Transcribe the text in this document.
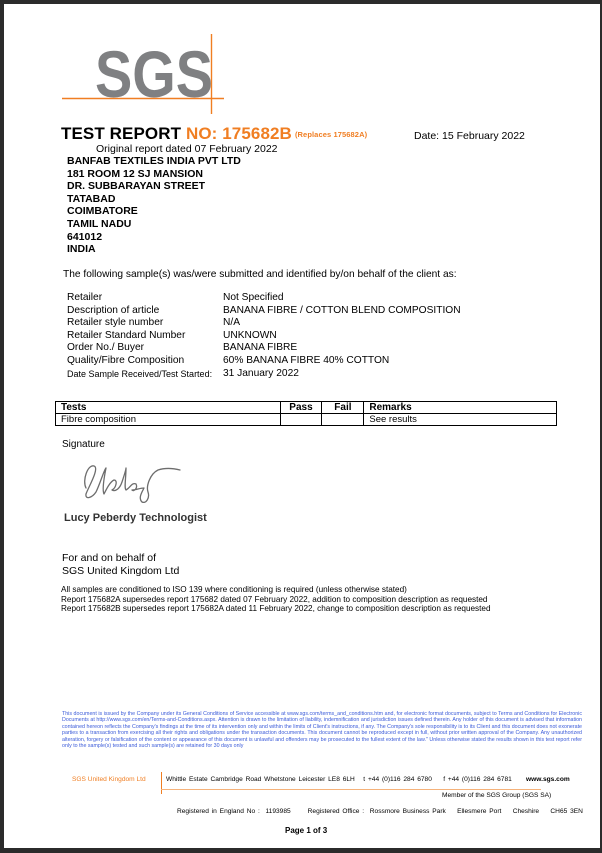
SGS
TEST REPORT NO: 175682B (Replaces 175682A)	Date: 15 February 2022
Original report dated 07 February 2022
BANFAB TEXTILES INDIA PVT LTD
181 ROOM 12 SJ MANSION
DR. SUBBARAYAN STREET
TATABAD
COIMBATORE
TAMIL NADU
641012
INDIA
The following sample(s) was/were submitted and identified by/on behalf of the client as:
Retailer	Not Specified
Description of article	BANANA FIBRE / COTTON BLEND COMPOSITION
Retailer style number	N/A
Retailer Standard Number	UNKNOWN
Order No./ Buyer	BANANA FIBRE
Quality/Fibre Composition	60% BANANA FIBRE 40% COTTON
Date Sample Received/Test Started: 31 January 2022
Tests	Pass	Fail	Remarks
Fibre composition			See results
Signature
Lucy Peberdy Technologist
For and on behalf of
SGS United Kingdom Ltd
All samples are conditioned to ISO 139 where conditioning is required (unless otherwise stated)
Report 175682A supersedes report 175682 dated 07 February 2022, addition to composition description as requested
Report 175682B supersedes report 175682A dated 11 February 2022, change to composition description as requested
This document is issued by the Company under its General Conditions of Service accessible at www.sgs.com/terms_and_conditions.htm and, for electronic format documents, subject to Terms and Conditions for Electronic Documents at http://www.sgs.com/en/Terms-and-Conditions.aspx. Attention is drawn to the limitation of liability, indemnification and jurisdiction issues defined therein. Any holder of this document is advised that information contained hereon reflects the Company's findings at the time of its intervention only and within the limits of Client's instructions, if any. The Company's sole responsibility is to its Client and this document does not exonerate parties to a transaction from exercising all their rights and obligations under the transaction documents. This document cannot be reproduced except in full, without prior written approval of the Company. Any unauthorized alteration, forgery or falsification of the content or appearance of this document is unlawful and offenders may be prosecuted to the fullest extent of the law." Unless otherwise stated the results shown in this test report refer only to the sample(s) tested and such sample(s) are retained for 30 days only
SGS United Kingdom Ltd	Whittle Estate Cambridge Road Whetstone Leicester LE8 6LH t +44 (0)116 284 6780 f +44 (0)116 284 6781 www.sgs.com
Member of the SGS Group (SGS SA)
Registered in England No :  1193985      Registered Office :  Rossmore Business Park    Ellesmere Port    Cheshire    CH65 3EN
Page 1 of 3
